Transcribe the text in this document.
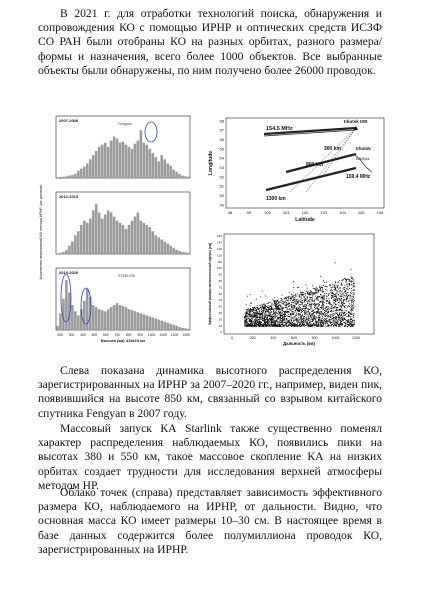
В 2021 г. для отработки технологий поиска, обнаружения и сопровождения КО с помощью ИРНР и оптических средств ИСЗФ СО РАН были отобраны КО на разных орбитах, разного размера/формы и назначения, всего более 1000 объектов. Все выбранные объекты были обнаружены, по ним получено более 26000 проводок.

Количество пересечений КА сектора ИРНР (шт. десятки)
2007-2009
Fengyan
2012-2015
2019-2020
STARLINK
200 300 400 500 600 700 800 900 1000 1100 1200 1300
Высота (км) 415±10 км
98	99	100	101	102	103	104	105	106
49
50
51
52
53
54
55
56
57
58
Latitude
Longitude
154.5 MHz
300 km
800 km
159.4 MHz
1300 km
Irkutsk ISR
Irkutsk
BAIKAL
0	200	400	600	800	1000	1200
0
10
20
30
40
50
60
70
80
90
100
110
120
130
140
150
Дальность (км)
Эффективный размер металлической сферы (см)

Слева показана динамика высотного распределения КО, зарегистрированных на ИРНР за 2007–2020 гг., например, виден пик, появившийся на высоте 850 км, связанный со взрывом китайского спутника Fengyan в 2007 году.

Массовый запуск КА Starlink также существенно поменял характер распределения наблюдаемых КО, появились пики на высотах 380 и 550 км, такое массовое скопление КА на низких орбитах создает трудности для исследования верхней атмосферы методом НР.

Облако точек (справа) представляет зависимость эффективного размера КО, наблюдаемого на ИРНР, от дальности. Видно, что основная масса КО имеет размеры 10–30 см. В настоящее время в базе данных содержится более полумиллиона проводок КО, зарегистрированных на ИРНР.
